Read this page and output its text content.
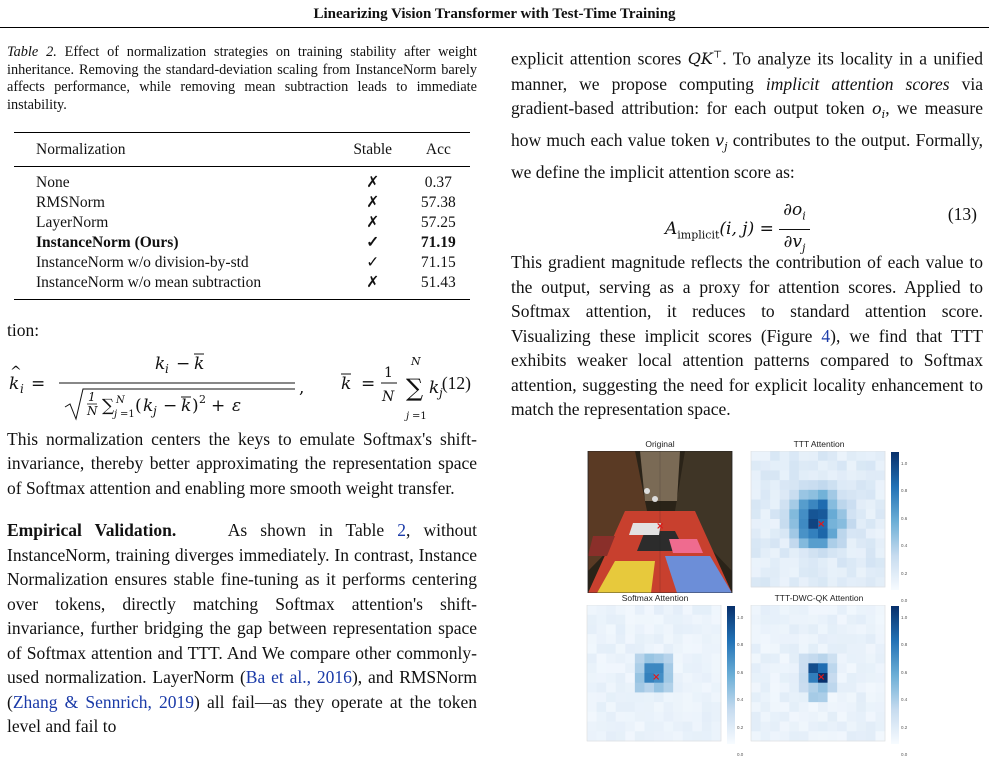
Linearizing Vision Transformer with Test-Time Training
Table 2. Effect of normalization strategies on training stability after weight inheritance. Removing the standard-deviation scaling from InstanceNorm barely affects performance, while removing mean subtraction leads to immediate instability.
Normalization	Stable	Acc
None	✗	0.37
RMSNorm	✗	57.38
LayerNorm	✗	57.25
InstanceNorm (Ours)	✓	71.19
InstanceNorm w/o division-by-std	✓	71.15
InstanceNorm w/o mean subtraction	✗	51.43
tion:
k
^
i =
k i − k
1
N ∑ N
j =1 ( k j − k ) 2 + ε
, k =
1
N ∑
N
j =1
k j (12)

This normalization centers the keys to emulate Softmax's shift-invariance, thereby better approximating the representation space of Softmax attention and enabling more smooth weight transfer.

Empirical Validation.	As shown in Table 2, without InstanceNorm, training diverges immediately. In contrast, Instance Normalization ensures stable fine-tuning as it performs centering over tokens, directly matching Softmax attention's shift-invariance, further bridging the gap between representation space of Softmax attention and TTT. And We compare other commonly-used normalization. LayerNorm (Ba et al., 2016), and RMSNorm (Zhang & Sennrich, 2019) all fail—as they operate at the token level and fail to

explicit attention scores QK⊤. To analyze its locality in a unified manner, we propose computing implicit attention scores via gradient-based attribution: for each output token $o_i$, we measure how much each value token $v_j$ contributes to the output. Formally, we define the implicit attention score as:

$A_{implicit}(i$, $j) = \frac{\partial o_i}{\partial v_j}$	(13)

This gradient magnitude reflects the contribution of each value to the output, serving as a proxy for attention scores. Applied to Softmax attention, it reduces to standard attention score. Visualizing these implicit scores (Figure 4), we find that TTT exhibits weaker local attention patterns compared to Softmax attention, suggesting the need for explicit locality enhancement to match the representation space.

Original
×
TTT Attention
1.0
0.8
0.6
0.4
0.2
0.0
×
Softmax Attention
1.0
0.8
0.6
0.4
0.2
0.0
×
TTT-DWC-QK Attention
1.0
0.8
0.6
0.4
0.2
0.0
×
